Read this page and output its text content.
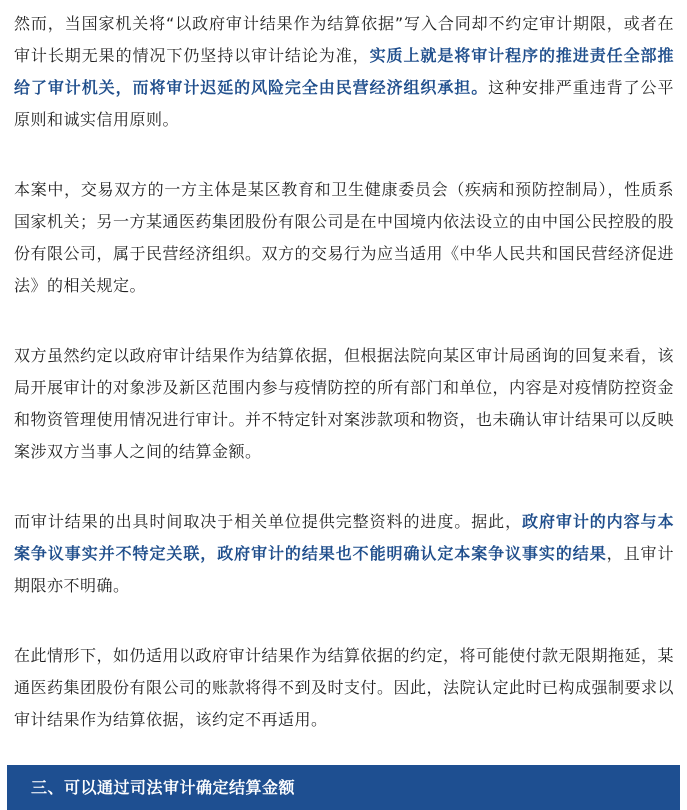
然而，当国家机关将“以政府审计结果作为结算依据”写入合同却不约定审计期限，或者在审计长期无果的情况下仍坚持以审计结论为准，实质上就是将审计程序的推进责任全部推给了审计机关，而将审计迟延的风险完全由民营经济组织承担。这种安排严重违背了公平原则和诚实信用原则。

本案中，交易双方的一方主体是某区教育和卫生健康委员会（疾病和预防控制局），性质系国家机关；另一方某通医药集团股份有限公司是在中国境内依法设立的由中国公民控股的股份有限公司，属于民营经济组织。双方的交易行为应当适用《中华人民共和国民营经济促进法》的相关规定。

双方虽然约定以政府审计结果作为结算依据，但根据法院向某区审计局函询的回复来看，该局开展审计的对象涉及新区范围内参与疫情防控的所有部门和单位，内容是对疫情防控资金和物资管理使用情况进行审计。并不特定针对案涉款项和物资，也未确认审计结果可以反映案涉双方当事人之间的结算金额。

而审计结果的出具时间取决于相关单位提供完整资料的进度。据此，政府审计的内容与本案争议事实并不特定关联，政府审计的结果也不能明确认定本案争议事实的结果，且审计期限亦不明确。

在此情形下，如仍适用以政府审计结果作为结算依据的约定，将可能使付款无限期拖延，某通医药集团股份有限公司的账款将得不到及时支付。因此，法院认定此时已构成强制要求以审计结果作为结算依据，该约定不再适用。

三、可以通过司法审计确定结算金额
